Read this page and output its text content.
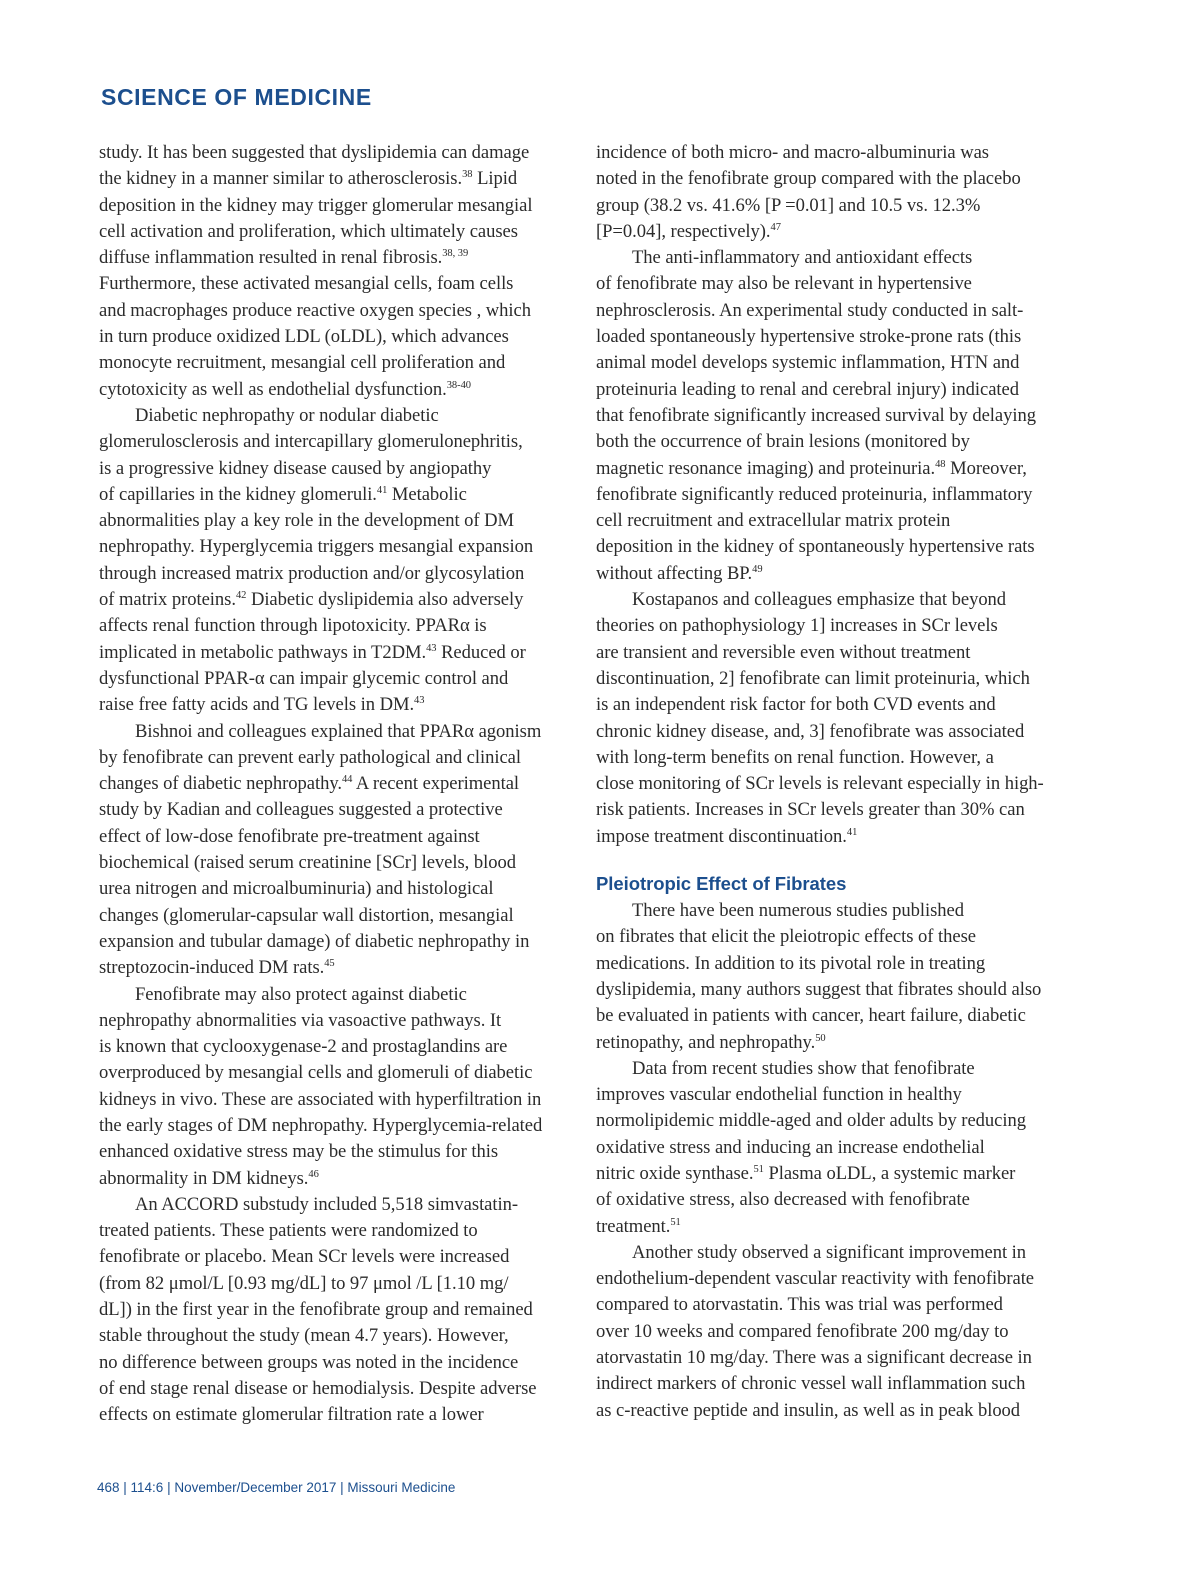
SCIENCE OF MEDICINE
study. It has been suggested that dyslipidemia can damage
the kidney in a manner similar to atherosclerosis.$^{38}$ Lipid
deposition in the kidney may trigger glomerular mesangial
cell activation and proliferation, which ultimately causes
diffuse inflammation resulted in renal fibrosis.$^{38, 39}$
Furthermore, these activated mesangial cells, foam cells
and macrophages produce reactive oxygen species , which
in turn produce oxidized LDL (oLDL), which advances
monocyte recruitment, mesangial cell proliferation and
cytotoxicity as well as endothelial dysfunction.$^{38-40}$
Diabetic nephropathy or nodular diabetic
glomerulosclerosis and intercapillary glomerulonephritis,
is a progressive kidney disease caused by angiopathy
of capillaries in the kidney glomeruli.$^{41}$ Metabolic
abnormalities play a key role in the development of DM
nephropathy. Hyperglycemia triggers mesangial expansion
through increased matrix production and/or glycosylation
of matrix proteins.$^{42}$ Diabetic dyslipidemia also adversely
affects renal function through lipotoxicity. PPARα is
implicated in metabolic pathways in T2DM.$^{43}$ Reduced or
dysfunctional PPAR-α can impair glycemic control and
raise free fatty acids and TG levels in DM.$^{43}$
Bishnoi and colleagues explained that PPARα agonism
by fenofibrate can prevent early pathological and clinical
changes of diabetic nephropathy.$^{44}$ A recent experimental
study by Kadian and colleagues suggested a protective
effect of low-dose fenofibrate pre-treatment against
biochemical (raised serum creatinine [SCr] levels, blood
urea nitrogen and microalbuminuria) and histological
changes (glomerular-capsular wall distortion, mesangial
expansion and tubular damage) of diabetic nephropathy in
streptozocin-induced DM rats.$^{45}$
Fenofibrate may also protect against diabetic
nephropathy abnormalities via vasoactive pathways. It
is known that cyclooxygenase-2 and prostaglandins are
overproduced by mesangial cells and glomeruli of diabetic
kidneys in vivo. These are associated with hyperfiltration in
the early stages of DM nephropathy. Hyperglycemia-related
enhanced oxidative stress may be the stimulus for this
abnormality in DM kidneys.$^{46}$
An ACCORD substudy included 5,518 simvastatin-
treated patients. These patients were randomized to
fenofibrate or placebo. Mean SCr levels were increased
(from 82 μmol/L [0.93 mg/dL] to 97 μmol /L [1.10 mg/
dL]) in the first year in the fenofibrate group and remained
stable throughout the study (mean 4.7 years). However,
no difference between groups was noted in the incidence
of end stage renal disease or hemodialysis. Despite adverse
effects on estimate glomerular filtration rate a lower
incidence of both micro- and macro-albuminuria was
noted in the fenofibrate group compared with the placebo
group (38.2 vs. 41.6% [P =0.01] and 10.5 vs. 12.3%
[P=0.04], respectively).$^{47}$
The anti-inflammatory and antioxidant effects
of fenofibrate may also be relevant in hypertensive
nephrosclerosis. An experimental study conducted in salt-
loaded spontaneously hypertensive stroke-prone rats (this
animal model develops systemic inflammation, HTN and
proteinuria leading to renal and cerebral injury) indicated
that fenofibrate significantly increased survival by delaying
both the occurrence of brain lesions (monitored by
magnetic resonance imaging) and proteinuria.$^{48}$ Moreover,
fenofibrate significantly reduced proteinuria, inflammatory
cell recruitment and extracellular matrix protein
deposition in the kidney of spontaneously hypertensive rats
without affecting BP.$^{49}$
Kostapanos and colleagues emphasize that beyond
theories on pathophysiology 1] increases in SCr levels
are transient and reversible even without treatment
discontinuation, 2] fenofibrate can limit proteinuria, which
is an independent risk factor for both CVD events and
chronic kidney disease, and, 3] fenofibrate was associated
with long-term benefits on renal function. However, a
close monitoring of SCr levels is relevant especially in high-
risk patients. Increases in SCr levels greater than 30% can
impose treatment discontinuation.$^{41}$
Pleiotropic Effect of Fibrates
There have been numerous studies published
on fibrates that elicit the pleiotropic effects of these
medications. In addition to its pivotal role in treating
dyslipidemia, many authors suggest that fibrates should also
be evaluated in patients with cancer, heart failure, diabetic
retinopathy, and nephropathy.$^{50}$
Data from recent studies show that fenofibrate
improves vascular endothelial function in healthy
normolipidemic middle-aged and older adults by reducing
oxidative stress and inducing an increase endothelial
nitric oxide synthase.$^{51}$ Plasma oLDL, a systemic marker
of oxidative stress, also decreased with fenofibrate
treatment.$^{51}$
Another study observed a significant improvement in
endothelium-dependent vascular reactivity with fenofibrate
compared to atorvastatin. This was trial was performed
over 10 weeks and compared fenofibrate 200 mg/day to
atorvastatin 10 mg/day. There was a significant decrease in
indirect markers of chronic vessel wall inflammation such
as c-reactive peptide and insulin, as well as in peak blood
468 | 114:6 | November/December 2017 | Missouri Medicine
